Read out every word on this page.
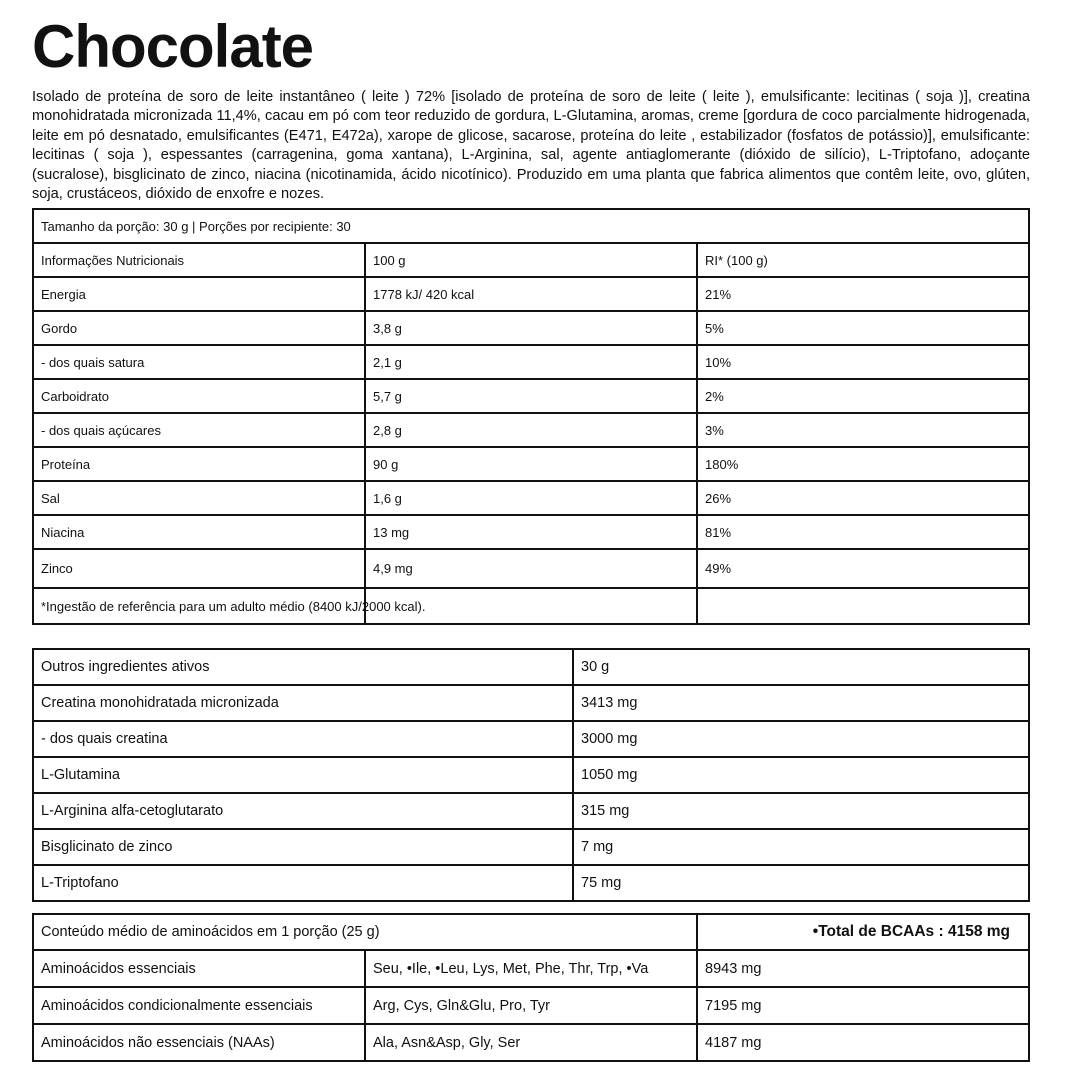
Chocolate
Isolado de proteína de soro de leite instantâneo ( leite ) 72% [isolado de proteína de soro de leite ( leite ), emulsificante: lecitinas ( soja )], creatina monohidratada micronizada 11,4%, cacau em pó com teor reduzido de gordura, L-Glutamina, aromas, creme [gordura de coco parcialmente hidrogenada, leite em pó desnatado, emulsificantes (E471, E472a), xarope de glicose, sacarose, proteína do leite , estabilizador (fosfatos de potássio)], emulsificante: lecitinas ( soja ), espessantes (carragenina, goma xantana), L-Arginina, sal, agente antiaglomerante (dióxido de silício), L-Triptofano, adoçante (sucralose), bisglicinato de zinco, niacina (nicotinamida, ácido nicotínico). Produzido em uma planta que fabrica alimentos que contêm leite, ovo, glúten, soja, crustáceos, dióxido de enxofre e nozes.
Tamanho da porção: 30 g | Porções por recipiente: 30		
Informações Nutricionais	100 g	RI* (100 g)
Energia	1778 kJ/ 420 kcal	21%
Gordo	3,8 g	5%
- dos quais satura	2,1 g	10%
Carboidrato	5,7 g	2%
- dos quais açúcares	2,8 g	3%
Proteína	90 g	180%
Sal	1,6 g	26%
Niacina	13 mg	81%
Zinco	4,9 mg	49%
*Ingestão de referência para um adulto médio (8400 kJ/2000 kcal).		
Outros ingredientes ativos	30 g
Creatina monohidratada micronizada	3413 mg
- dos quais creatina	3000 mg
L-Glutamina	1050 mg
L-Arginina alfa-cetoglutarato	315 mg
Bisglicinato de zinco	7 mg
L-Triptofano	75 mg
Conteúdo médio de aminoácidos em 1 porção (25 g)		•Total de BCAAs : 4158 mg
Aminoácidos essenciais	Seu, •Ile, •Leu, Lys, Met, Phe, Thr, Trp, •Va	8943 mg
Aminoácidos condicionalmente essenciais	Arg, Cys, Gln&Glu, Pro, Tyr	7195 mg
Aminoácidos não essenciais (NAAs)	Ala, Asn&Asp, Gly, Ser	4187 mg
